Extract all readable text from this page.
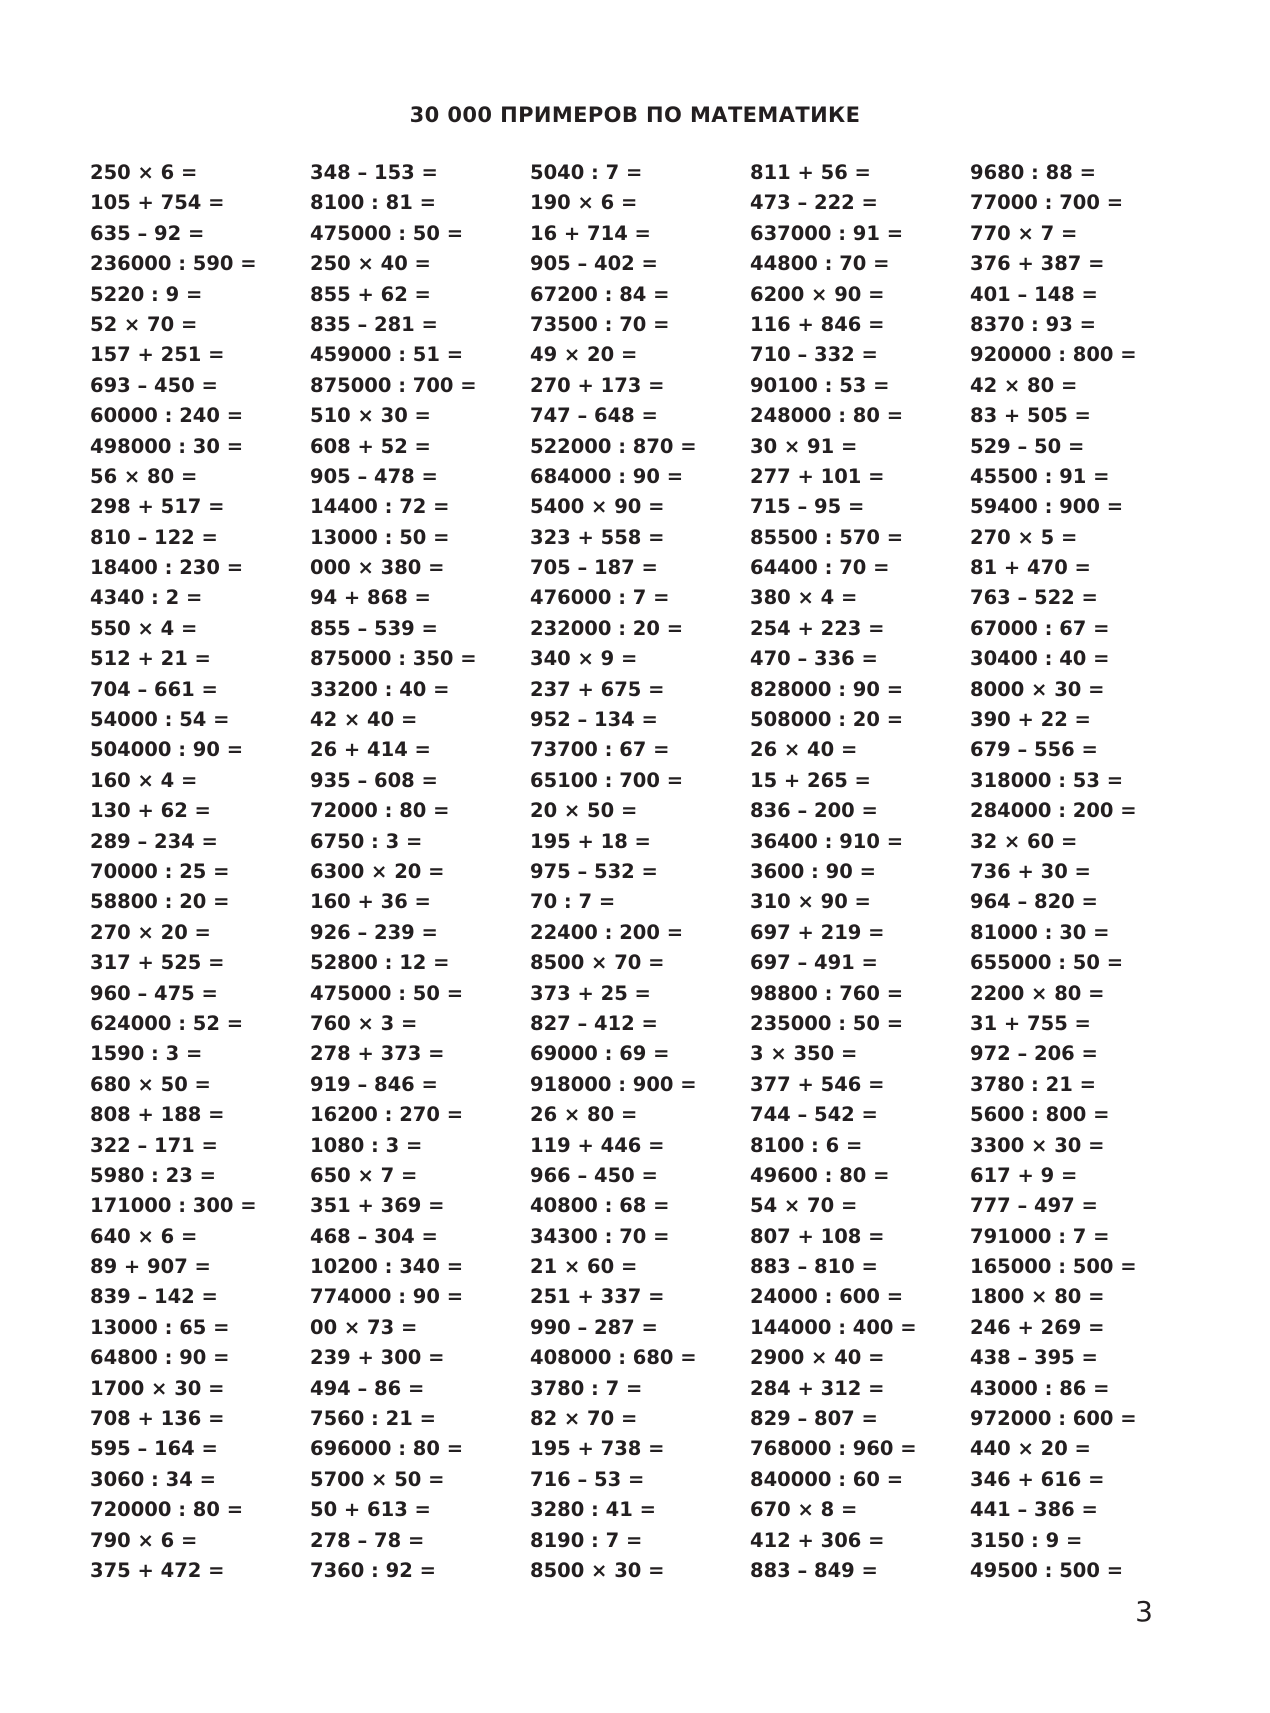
30 000 ПРИМЕРОВ ПО МАТЕМАТИКЕ
250 × 6 =
105 + 754 =
635 – 92 =
236000 : 590 =
5220 : 9 =
52 × 70 =
157 + 251 =
693 – 450 =
60000 : 240 =
498000 : 30 =
56 × 80 =
298 + 517 =
810 – 122 =
18400 : 230 =
4340 : 2 =
550 × 4 =
512 + 21 =
704 – 661 =
54000 : 54 =
504000 : 90 =
160 × 4 =
130 + 62 =
289 – 234 =
70000 : 25 =
58800 : 20 =
270 × 20 =
317 + 525 =
960 – 475 =
624000 : 52 =
1590 : 3 =
680 × 50 =
808 + 188 =
322 – 171 =
5980 : 23 =
171000 : 300 =
640 × 6 =
89 + 907 =
839 – 142 =
13000 : 65 =
64800 : 90 =
1700 × 30 =
708 + 136 =
595 – 164 =
3060 : 34 =
720000 : 80 =
790 × 6 =
375 + 472 =
348 – 153 =
8100 : 81 =
475000 : 50 =
250 × 40 =
855 + 62 =
835 – 281 =
459000 : 51 =
875000 : 700 =
510 × 30 =
608 + 52 =
905 – 478 =
14400 : 72 =
13000 : 50 =
000 × 380 =
94 + 868 =
855 – 539 =
875000 : 350 =
33200 : 40 =
42 × 40 =
26 + 414 =
935 – 608 =
72000 : 80 =
6750 : 3 =
6300 × 20 =
160 + 36 =
926 – 239 =
52800 : 12 =
475000 : 50 =
760 × 3 =
278 + 373 =
919 – 846 =
16200 : 270 =
1080 : 3 =
650 × 7 =
351 + 369 =
468 – 304 =
10200 : 340 =
774000 : 90 =
00 × 73 =
239 + 300 =
494 – 86 =
7560 : 21 =
696000 : 80 =
5700 × 50 =
50 + 613 =
278 – 78 =
7360 : 92 =
5040 : 7 =
190 × 6 =
16 + 714 =
905 – 402 =
67200 : 84 =
73500 : 70 =
49 × 20 =
270 + 173 =
747 – 648 =
522000 : 870 =
684000 : 90 =
5400 × 90 =
323 + 558 =
705 – 187 =
476000 : 7 =
232000 : 20 =
340 × 9 =
237 + 675 =
952 – 134 =
73700 : 67 =
65100 : 700 =
20 × 50 =
195 + 18 =
975 – 532 =
70 : 7 =
22400 : 200 =
8500 × 70 =
373 + 25 =
827 – 412 =
69000 : 69 =
918000 : 900 =
26 × 80 =
119 + 446 =
966 – 450 =
40800 : 68 =
34300 : 70 =
21 × 60 =
251 + 337 =
990 – 287 =
408000 : 680 =
3780 : 7 =
82 × 70 =
195 + 738 =
716 – 53 =
3280 : 41 =
8190 : 7 =
8500 × 30 =
811 + 56 =
473 – 222 =
637000 : 91 =
44800 : 70 =
6200 × 90 =
116 + 846 =
710 – 332 =
90100 : 53 =
248000 : 80 =
30 × 91 =
277 + 101 =
715 – 95 =
85500 : 570 =
64400 : 70 =
380 × 4 =
254 + 223 =
470 – 336 =
828000 : 90 =
508000 : 20 =
26 × 40 =
15 + 265 =
836 – 200 =
36400 : 910 =
3600 : 90 =
310 × 90 =
697 + 219 =
697 – 491 =
98800 : 760 =
235000 : 50 =
3 × 350 =
377 + 546 =
744 – 542 =
8100 : 6 =
49600 : 80 =
54 × 70 =
807 + 108 =
883 – 810 =
24000 : 600 =
144000 : 400 =
2900 × 40 =
284 + 312 =
829 – 807 =
768000 : 960 =
840000 : 60 =
670 × 8 =
412 + 306 =
883 – 849 =
9680 : 88 =
77000 : 700 =
770 × 7 =
376 + 387 =
401 – 148 =
8370 : 93 =
920000 : 800 =
42 × 80 =
83 + 505 =
529 – 50 =
45500 : 91 =
59400 : 900 =
270 × 5 =
81 + 470 =
763 – 522 =
67000 : 67 =
30400 : 40 =
8000 × 30 =
390 + 22 =
679 – 556 =
318000 : 53 =
284000 : 200 =
32 × 60 =
736 + 30 =
964 – 820 =
81000 : 30 =
655000 : 50 =
2200 × 80 =
31 + 755 =
972 – 206 =
3780 : 21 =
5600 : 800 =
3300 × 30 =
617 + 9 =
777 – 497 =
791000 : 7 =
165000 : 500 =
1800 × 80 =
246 + 269 =
438 – 395 =
43000 : 86 =
972000 : 600 =
440 × 20 =
346 + 616 =
441 – 386 =
3150 : 9 =
49500 : 500 =
3
